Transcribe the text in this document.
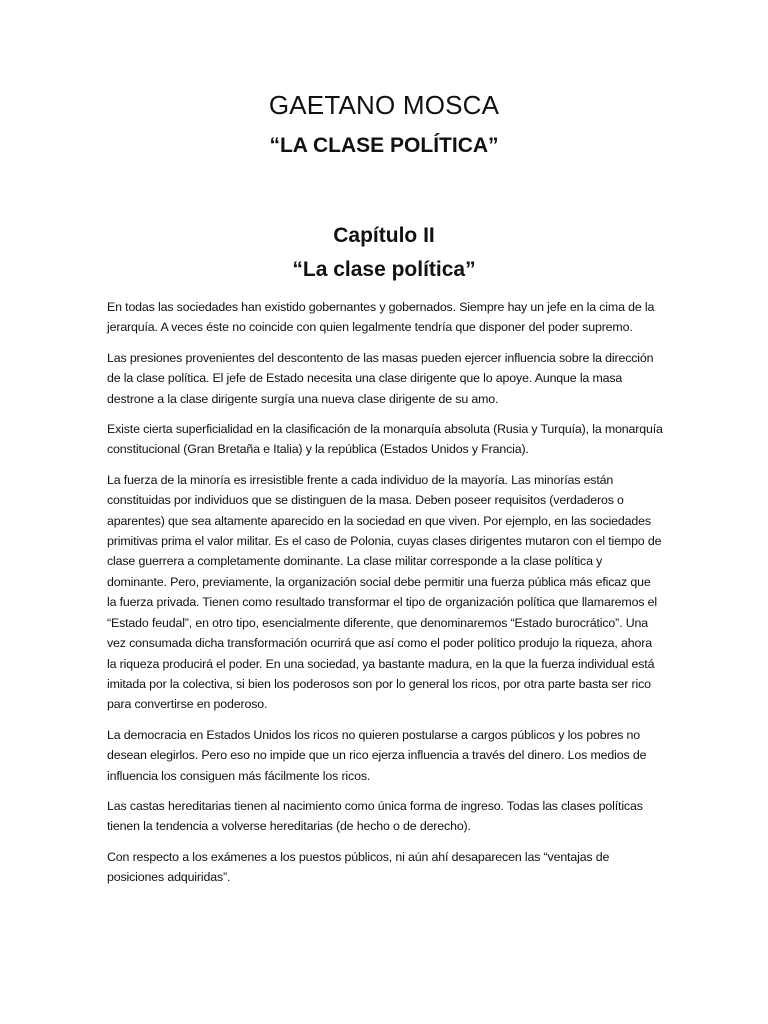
GAETANO MOSCA
“LA CLASE POLÍTICA”
Capítulo II
“La clase política”

En todas las sociedades han existido gobernantes y gobernados. Siempre hay un jefe en la cima de la jerarquía. A veces éste no coincide con quien legalmente tendría que disponer del poder supremo.

Las presiones provenientes del descontento de las masas pueden ejercer influencia sobre la dirección de la clase política. El jefe de Estado necesita una clase dirigente que lo apoye. Aunque la masa destrone a la clase dirigente surgía una nueva clase dirigente de su amo.

Existe cierta superficialidad en la clasificación de la monarquía absoluta (Rusia y Turquía), la monarquía constitucional (Gran Bretaña e Italia) y la república (Estados Unidos y Francia).

La fuerza de la minoría es irresistible frente a cada individuo de la mayoría. Las minorías están constituidas por individuos que se distinguen de la masa. Deben poseer requisitos (verdaderos o aparentes) que sea altamente aparecido en la sociedad en que viven. Por ejemplo, en las sociedades primitivas prima el valor militar. Es el caso de Polonia, cuyas clases dirigentes mutaron con el tiempo de clase guerrera a completamente dominante. La clase militar corresponde a la clase política y dominante. Pero, previamente, la organización social debe permitir una fuerza pública más eficaz que la fuerza privada. Tienen como resultado transformar el tipo de organización política que llamaremos el “Estado feudal”, en otro tipo, esencialmente diferente, que denominaremos “Estado burocrático”. Una vez consumada dicha transformación ocurrirá que así como el poder político produjo la riqueza, ahora la riqueza producirá el poder. En una sociedad, ya bastante madura, en la que la fuerza individual está imitada por la colectiva, si bien los poderosos son por lo general los ricos, por otra parte basta ser rico para convertirse en poderoso.

La democracia en Estados Unidos los ricos no quieren postularse a cargos públicos y los pobres no desean elegirlos. Pero eso no impide que un rico ejerza influencia a través del dinero. Los medios de influencia los consiguen más fácilmente los ricos.

Las castas hereditarias tienen al nacimiento como única forma de ingreso. Todas las clases políticas tienen la tendencia a volverse hereditarias (de hecho o de derecho).

Con respecto a los exámenes a los puestos públicos, ni aún ahí desaparecen las “ventajas de posiciones adquiridas”.
